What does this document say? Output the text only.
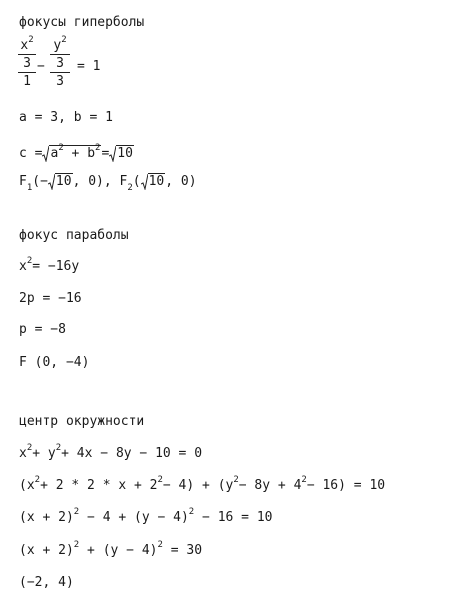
фокусы гиперболы
$x^2$
3
1
−
$y^2$
3
3
= 1
a = 3, b = 1
$c = a^2 + b^2= 10$
$F_1(- 10$, 0), $F_2$( 10, 0)
фокус параболы
$x^2= -16y$
2p = −16
p = −8
F (0, −4)
центр окружности
$x^2+ y^2+ 4x - 8y - 10 = 0$
$(x^2+ 2 * 2 * x + 2^2- 4) + (y^2- 8y + 4^2- 16) = 10$
$(x + 2)^2 - 4 + (y - 4)^2 - 16 = 10$
$(x + 2)^2 + (y - 4)^2 = 30$
(−2, 4)
